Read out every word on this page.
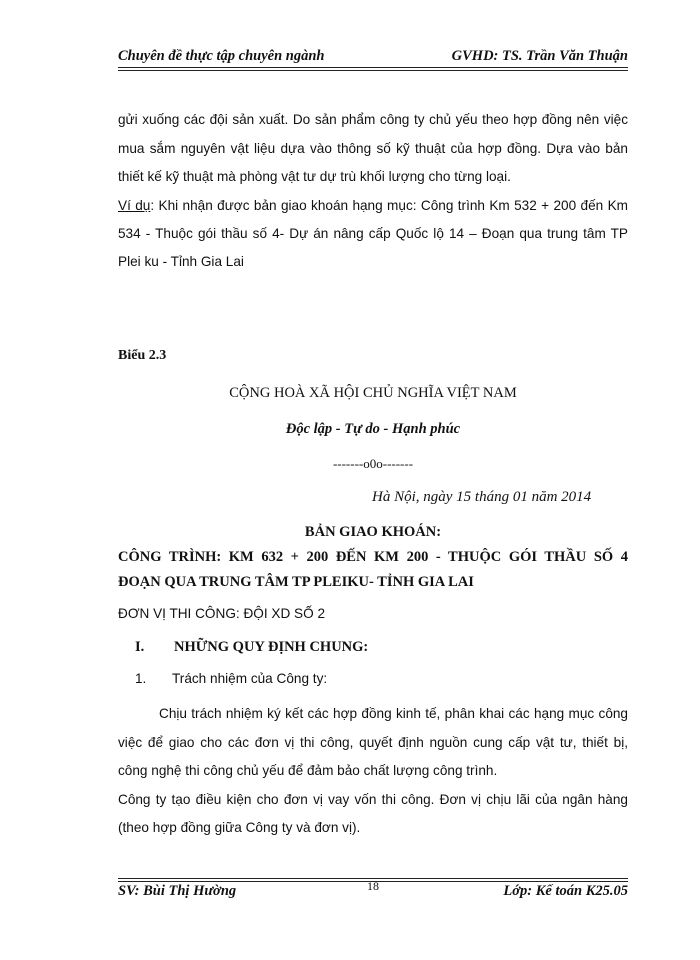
Chuyên đề thực tập chuyên ngành	GVHD: TS. Trần Văn Thuận
gửi xuống các đội sản xuất. Do sản phẩm công ty chủ yếu theo hợp đồng nên việc
mua sắm nguyên vật liệu dựa vào thông số kỹ thuật của hợp đồng. Dựa vào bản
thiết kế kỹ thuật mà phòng vật tư dự trù khối lượng cho từng loại.
Ví dụ: Khi nhận được bản giao khoán hạng mục: Công trình Km 532 + 200 đến Km
534 - Thuộc gói thầu số 4- Dự án nâng cấp Quốc lộ 14 – Đoạn qua trung tâm TP
Plei ku - Tỉnh Gia Lai
Biểu 2.3
CỘNG HOÀ XÃ HỘI CHỦ NGHĨA VIỆT NAM
Độc lập - Tự do - Hạnh phúc
-------o0o-------
Hà Nội, ngày 15 tháng 01 năm 2014
BẢN GIAO KHOÁN:
CÔNG TRÌNH: KM 632 + 200 ĐẾN KM 200 - THUỘC GÓI THẦU SỐ 4
ĐOẠN QUA TRUNG TÂM TP PLEIKU- TỈNH GIA LAI
ĐƠN VỊ THI CÔNG: ĐỘI XD SỐ 2
I.	NHỮNG QUY ĐỊNH CHUNG:
1.	Trách nhiệm của Công ty:
Chịu trách nhiệm ký kết các hợp đồng kinh tế, phân khai các hạng mục công
việc để giao cho các đơn vị thi công, quyết định nguồn cung cấp vật tư, thiết bị,
công nghệ thi công chủ yếu để đảm bảo chất lượng công trình.
Công ty tạo điều kiện cho đơn vị vay vốn thi công. Đơn vị chịu lãi của ngân hàng
(theo hợp đồng giữa Công ty và đơn vị).
18
SV: Bùi Thị Hường	Lớp: Kế toán K25.05
